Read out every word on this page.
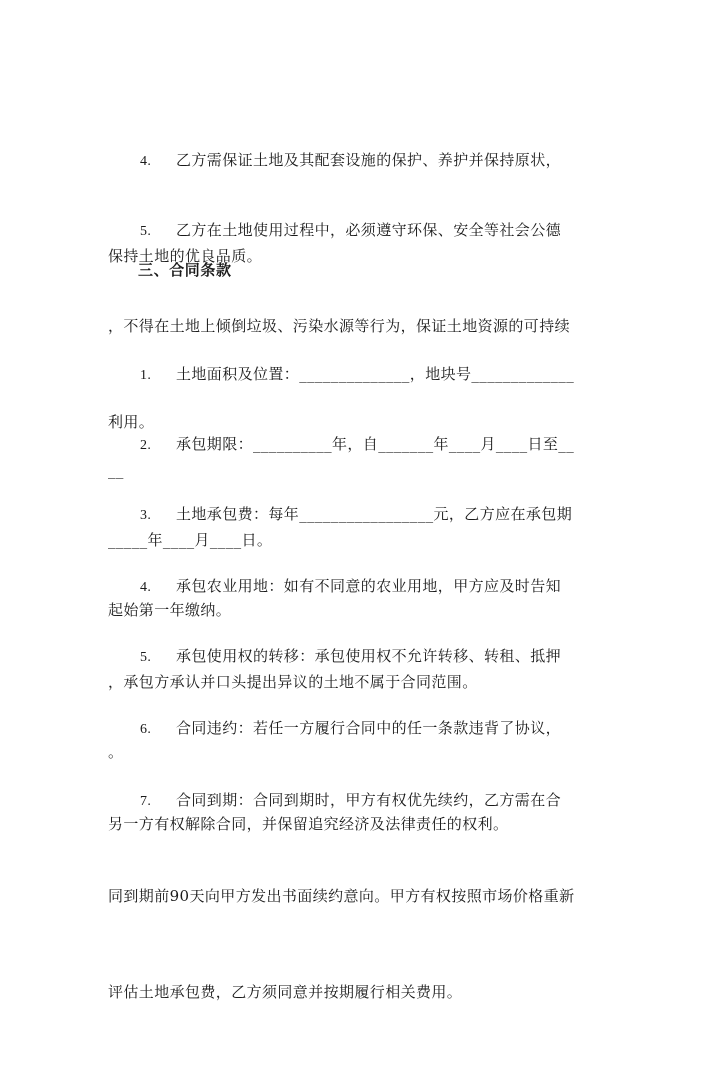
4. 乙方需保证土地及其配套设施的保护、养护并保持原状，

保持土地的优良品质。

5. 乙方在土地使用过程中，必须遵守环保、安全等社会公德

，不得在土地上倾倒垃圾、污染水源等行为，保证土地资源的可持续

利用。

三、合同条款

1. 土地面积及位置：______________，地块号_____________

__

2. 承包期限：__________年，自_______年____月____日至__

_____年____月____日。

3. 土地承包费：每年_________________元，乙方应在承包期

起始第一年缴纳。

4. 承包农业用地：如有不同意的农业用地，甲方应及时告知

，承包方承认并口头提出异议的土地不属于合同范围。

5. 承包使用权的转移：承包使用权不允许转移、转租、抵押

。

6. 合同违约：若任一方履行合同中的任一条款违背了协议，

另一方有权解除合同，并保留追究经济及法律责任的权利。

7. 合同到期：合同到期时，甲方有权优先续约，乙方需在合

同到期前90天向甲方发出书面续约意向。甲方有权按照市场价格重新

评估土地承包费，乙方须同意并按期履行相关费用。
